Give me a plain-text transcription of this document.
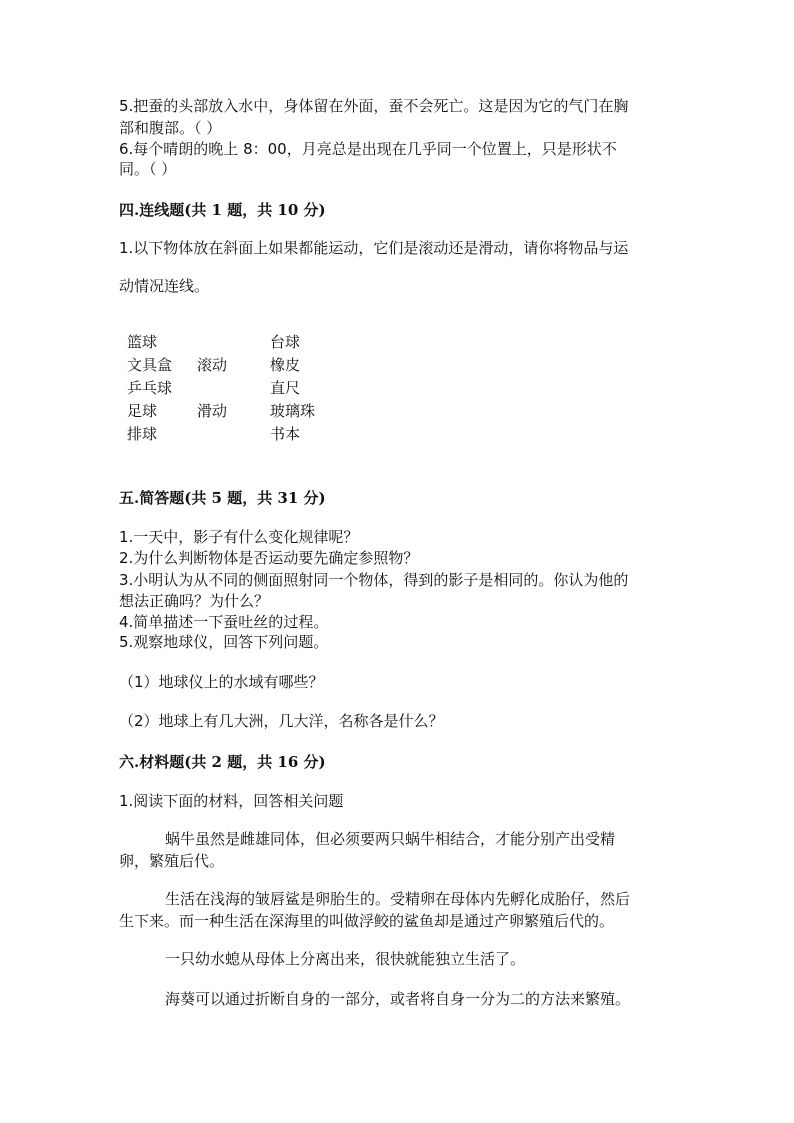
5.把蚕的头部放入水中，身体留在外面，蚕不会死亡。这是因为它的气门在胸
部和腹部。（ ）
6.每个晴朗的晚上 8：00，月亮总是出现在几乎同一个位置上，只是形状不
同。（ ）
四.连线题(共 1 题，共 10 分)
1.以下物体放在斜面上如果都能运动，它们是滚动还是滑动，请你将物品与运
动情况连线。
篮球
文具盒
乒乓球
足球
排球
滚动
滑动
台球
橡皮
直尺
玻璃珠
书本
五.简答题(共 5 题，共 31 分)
1.一天中，影子有什么变化规律呢？
2.为什么判断物体是否运动要先确定参照物？
3.小明认为从不同的侧面照射同一个物体，得到的影子是相同的。你认为他的
想法正确吗？为什么？
4.简单描述一下蚕吐丝的过程。
5.观察地球仪，回答下列问题。
（1）地球仪上的水域有哪些？
（2）地球上有几大洲，几大洋，名称各是什么？
六.材料题(共 2 题，共 16 分)
1.阅读下面的材料，回答相关问题
蜗牛虽然是雌雄同体，但必须要两只蜗牛相结合，才能分别产出受精
卵，繁殖后代。
生活在浅海的皱唇鲨是卵胎生的。受精卵在母体内先孵化成胎仔，然后
生下来。而一种生活在深海里的叫做浮鲛的鲨鱼却是通过产卵繁殖后代的。
一只幼水螅从母体上分离出来，很快就能独立生活了。
海葵可以通过折断自身的一部分，或者将自身一分为二的方法来繁殖。
